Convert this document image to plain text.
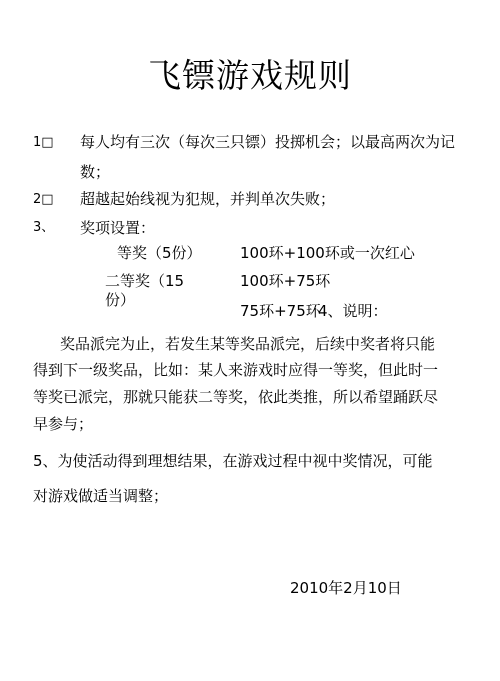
飞镖游戏规则
1□ 每人均有三次（每次三只镖）投掷机会；以最高两次为记
数；
2□ 超越起始线视为犯规，并判单次失败；
3、 奖项设置：
等奖（5份）	100环+100环或一次红心
二等奖（15	100环+75环
份）
75环+75环
4、说明：
奖品派完为止，若发生某等奖品派完，后续中奖者将只能
得到下一级奖品，比如：某人来游戏时应得一等奖，但此时一
等奖已派完，那就只能获二等奖，依此类推，所以希望踊跃尽
早参与；
5、为使活动得到理想结果，在游戏过程中视中奖情况，可能
对游戏做适当调整；
2010年2月10日
